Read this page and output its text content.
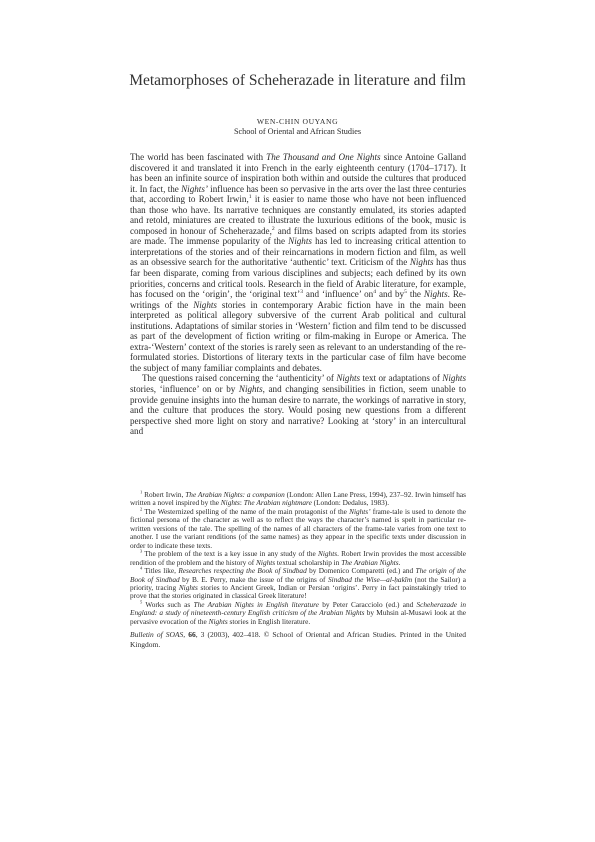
Metamorphoses of Scheherazade in literature and film
WEN-CHIN OUYANG
School of Oriental and African Studies

The world has been fascinated with The Thousand and One Nights since Antoine Galland discovered it and translated it into French in the early eighteenth century (1704–1717). It has been an infinite source of inspiration both within and outside the cultures that produced it. In fact, the Nights’ influence has been so pervasive in the arts over the last three centuries that, according to Robert Irwin,$^1$ it is easier to name those who have not been influenced than those who have. Its narrative techniques are constantly emulated, its stories adapted and retold, miniatures are created to illustrate the luxurious editions of the book, music is composed in honour of Scheherazade,$^2$ and films based on scripts adapted from its stories are made. The immense popularity of the Nights has led to increasing critical attention to interpretations of the stories and of their reincarnations in modern fiction and film, as well as an obsessive search for the authoritative ‘authentic’ text. Criticism of the Nights has thus far been disparate, coming from various disciplines and subjects; each defined by its own priorities, concerns and critical tools. Research in the field of Arabic literature, for example, has focused on the ‘origin’, the ‘original text’$^3$ and ‘influence’ $on^4$ and $by^5$ the Nights. Re-writings of the Nights stories in contemporary Arabic fiction have in the main been interpreted as political allegory subversive of the current Arab political and cultural institutions. Adaptations of similar stories in ‘Western’ fiction and film tend to be discussed as part of the development of fiction writing or film-making in Europe or America. The extra-‘Western’ context of the stories is rarely seen as relevant to an understanding of the re-formulated stories. Distortions of literary texts in the particular case of film have become the subject of many familiar complaints and debates.

The questions raised concerning the ‘authenticity’ of Nights text or adaptations of Nights stories, ‘influence’ on or by Nights, and changing sensibilities in fiction, seem unable to provide genuine insights into the human desire to narrate, the workings of narrative in story, and the culture that produces the story. Would posing new questions from a different perspective shed more light on story and narrative? Looking at ‘story’ in an intercultural and

$^1$ Robert Irwin, The Arabian Nights: a companion (London: Allen Lane Press, 1994), 237–92. Irwin himself has written a novel inspired by the Nights: The Arabian nightmare (London: Dedalus, 1983).

$^2$ The Westernized spelling of the name of the main protagonist of the Nights’ frame-tale is used to denote the fictional persona of the character as well as to reflect the ways the character’s named is spelt in particular re-written versions of the tale. The spelling of the names of all characters of the frame-tale varies from one text to another. I use the variant renditions (of the same names) as they appear in the specific texts under discussion in order to indicate these texts.

$^3$ The problem of the text is a key issue in any study of the Nights. Robert Irwin provides the most accessible rendition of the problem and the history of Nights textual scholarship in The Arabian Nights.

$^4$ Titles like, Researches respecting the Book of Sindbad by Domenico Comparetti (ed.) and The origin of the Book of Sindbad by B. E. Perry, make the issue of the origins of Sindbad the Wise—al-ḥakīm (not the Sailor) a priority, tracing Nights stories to Ancient Greek, Indian or Persian ‘origins’. Perry in fact painstakingly tried to prove that the stories originated in classical Greek literature!

$^5$ Works such as The Arabian Nights in English literature by Peter Caracciolo (ed.) and Scheherazade in England: a study of nineteenth-century English criticism of the Arabian Nights by Muhsin al-Musawi look at the pervasive evocation of the Nights stories in English literature.

Bulletin of SOAS, 66, 3 (2003), 402–418. © School of Oriental and African Studies. Printed in the United Kingdom.
